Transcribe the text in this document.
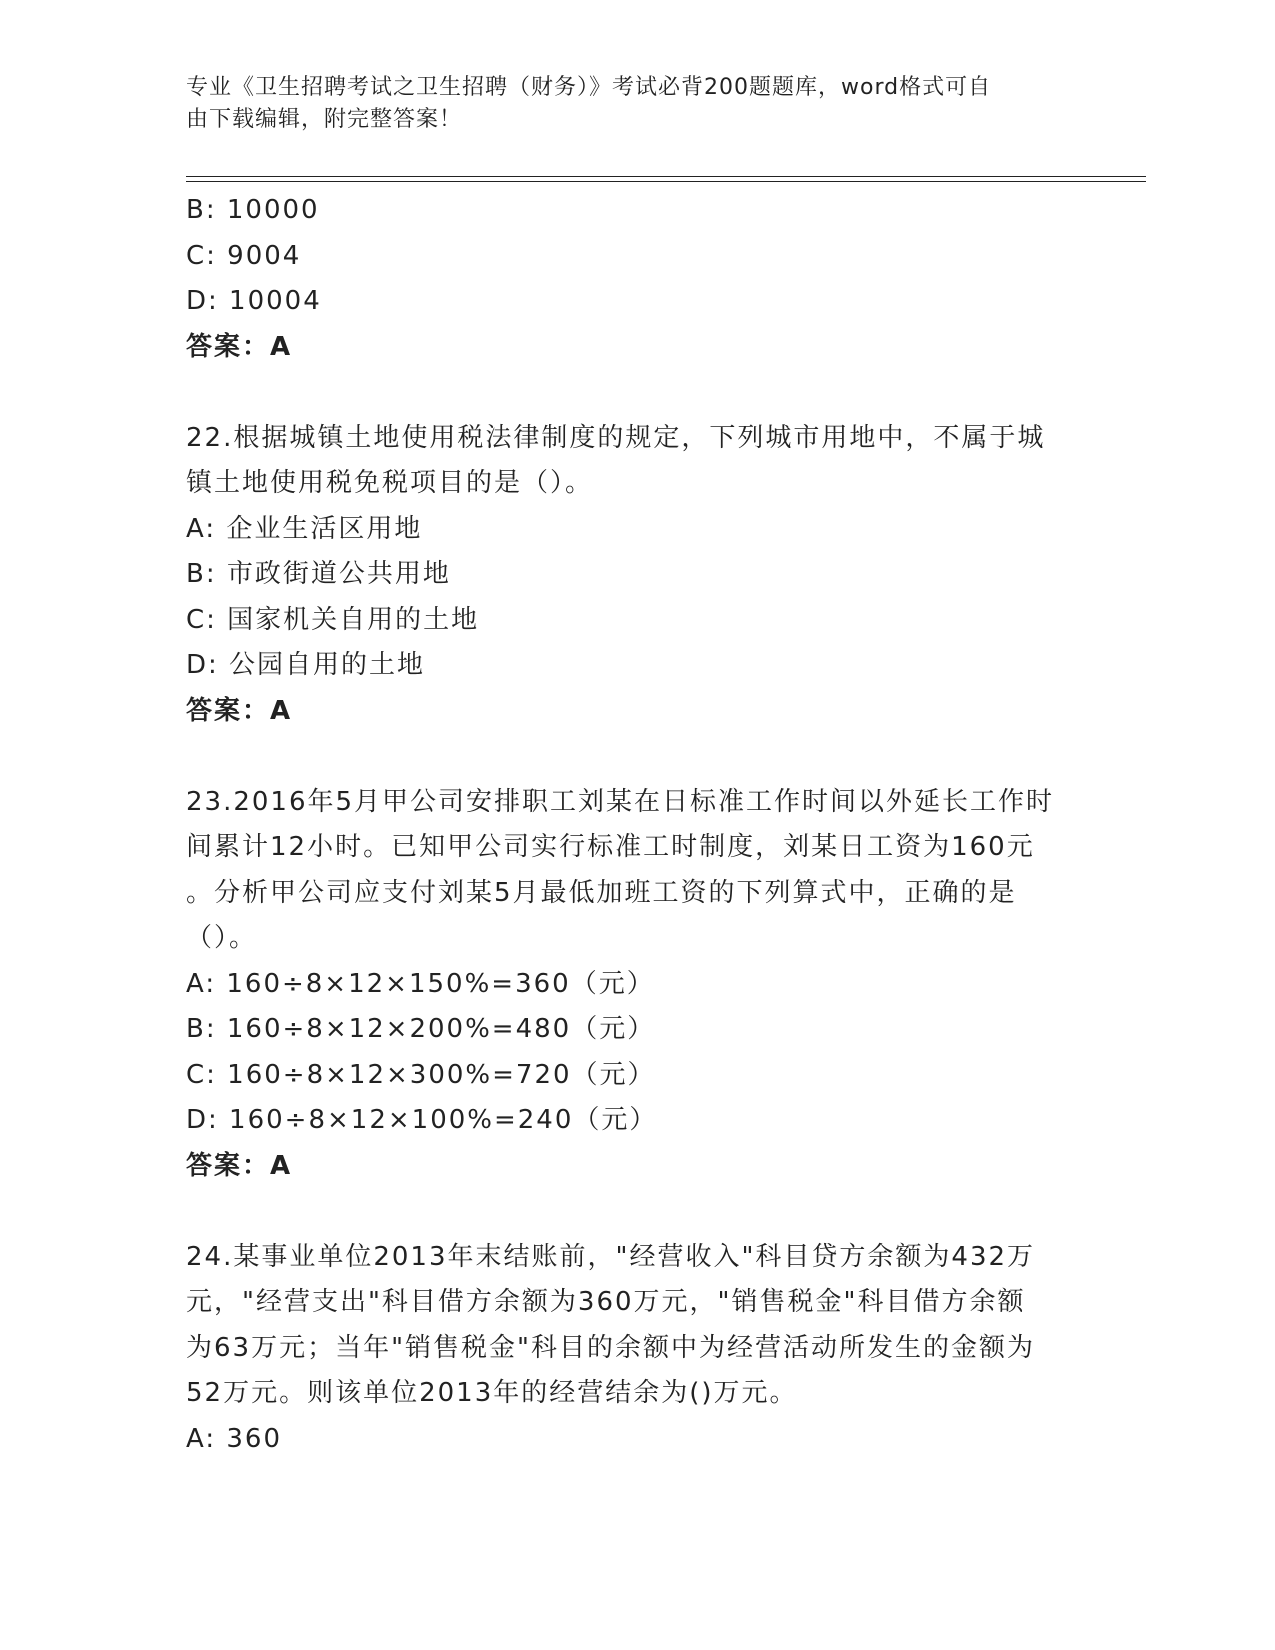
专业《卫生招聘考试之卫生招聘（财务）》考试必背200题题库，word格式可自
由下载编辑，附完整答案！
B: 10000
C: 9004
D: 10004
答案：A
22.根据城镇土地使用税法律制度的规定，下列城市用地中，不属于城
镇土地使用税免税项目的是（）。
A: 企业生活区用地
B: 市政街道公共用地
C: 国家机关自用的土地
D: 公园自用的土地
答案：A
23.2016年5月甲公司安排职工刘某在日标准工作时间以外延长工作时
间累计12小时。已知甲公司实行标准工时制度，刘某日工资为160元
。分析甲公司应支付刘某5月最低加班工资的下列算式中，正确的是
（）。
A: 160÷8×12×150%=360（元）
B: 160÷8×12×200%=480（元）
C: 160÷8×12×300%=720（元）
D: 160÷8×12×100%=240（元）
答案：A
24.某事业单位2013年末结账前，"经营收入"科目贷方余额为432万
元，"经营支出"科目借方余额为360万元，"销售税金"科目借方余额
为63万元；当年"销售税金"科目的余额中为经营活动所发生的金额为
52万元。则该单位2013年的经营结余为()万元。
A: 360
